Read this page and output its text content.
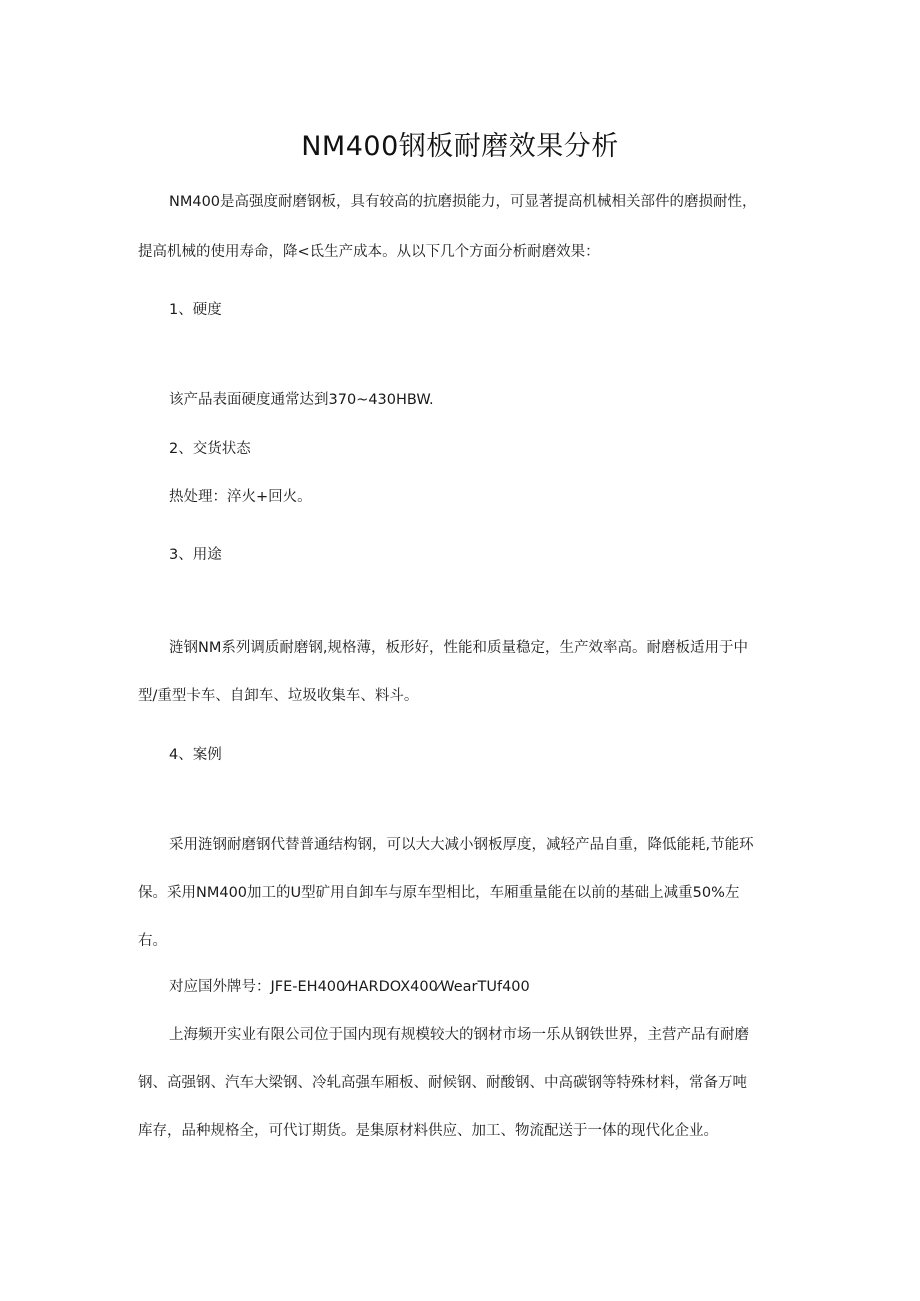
NM400钢板耐磨效果分析
NM400是高强度耐磨钢板，具有较高的抗磨损能力，可显著提高机械相关部件的磨损耐性，
提高机械的使用寿命，降<氐生产成本。从以下几个方面分析耐磨效果：
1、硬度
该产品表面硬度通常达到370~430HBW.
2、交货状态
热处理：淬火+回火。
3、用途
涟钢NM系列调质耐磨钢,规格薄，板形好，性能和质量稳定，生产效率高。耐磨板适用于中
型/重型卡车、自卸车、垃圾收集车、料斗。
4、案例
采用涟钢耐磨钢代替普通结构钢，可以大大减小钢板厚度，减轻产品自重，降低能耗,节能环
保。采用NM400加工的U型矿用自卸车与原车型相比，车厢重量能在以前的基础上减重50%左
右。
对应国外牌号：JFE-EH400⁄HARDOX400⁄WearTUf400
上海频开实业有限公司位于国内现有规模较大的钢材市场一乐从钢铁世界，主营产品有耐磨
钢、高强钢、汽车大梁钢、冷轧高强车厢板、耐候钢、耐酸钢、中高碳钢等特殊材料，常备万吨
库存，品种规格全，可代订期货。是集原材料供应、加工、物流配送于一体的现代化企业。
